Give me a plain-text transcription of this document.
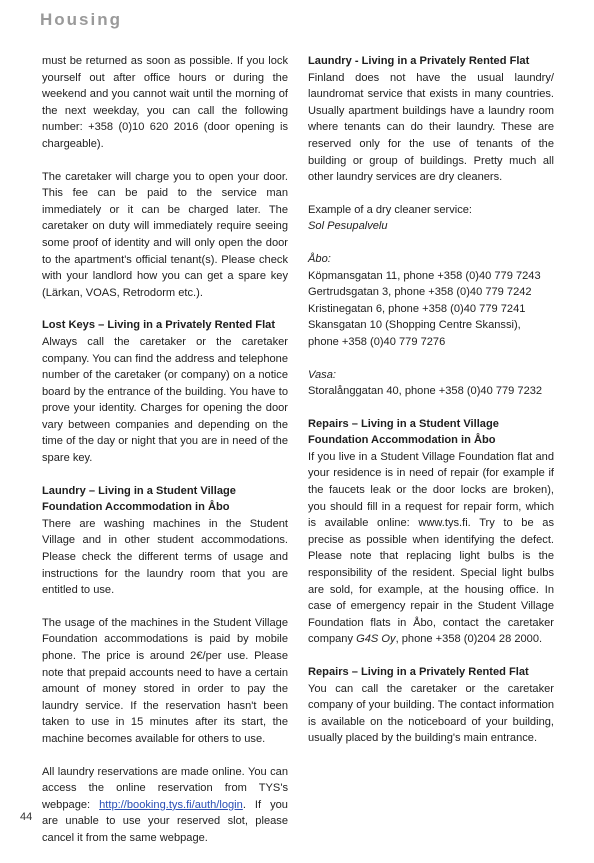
Housing

must be returned as soon as possible. If you lock yourself out after office hours or during the weekend and you cannot wait until the morning of the next weekday, you can call the following number: +358 (0)10 620 2016 (door opening is chargeable).

The caretaker will charge you to open your door. This fee can be paid to the service man immediately or it can be charged later. The caretaker on duty will immediately require seeing some proof of identity and will only open the door to the apartment's official tenant(s). Please check with your landlord how you can get a spare key (Lärkan, VOAS, Retrodorm etc.).

Lost Keys – Living in a Privately Rented Flat
Always call the caretaker or the caretaker company. You can find the address and telephone number of the caretaker (or company) on a notice board by the entrance of the building. You have to prove your identity. Charges for opening the door vary between companies and depending on the time of the day or night that you are in need of the spare key.
Laundry – Living in a Student Village Foundation Accommodation in Åbo
There are washing machines in the Student Village and in other student accommodations. Please check the different terms of usage and instructions for the laundry room that you are entitled to use.

The usage of the machines in the Student Village Foundation accommodations is paid by mobile phone. The price is around 2€/per use. Please note that prepaid accounts need to have a certain amount of money stored in order to pay the laundry service. If the reservation hasn't been taken to use in 15 minutes after its start, the machine becomes available for others to use.

All laundry reservations are made online. You can access the online reservation from TYS's webpage: http://booking.tys.fi/auth/login. If you are unable to use your reserved slot, please cancel it from the same webpage.

Laundry - Living in a Privately Rented Flat
Finland does not have the usual laundry/ laundromat service that exists in many countries. Usually apartment buildings have a laundry room where tenants can do their laundry. These are reserved only for the use of tenants of the building or group of buildings. Pretty much all other laundry services are dry cleaners.
Example of a dry cleaner service:
Sol Pesupalvelu
Åbo:
Köpmansgatan 11, phone +358 (0)40 779 7243
Gertrudsgatan 3, phone +358 (0)40 779 7242
Kristinegatan 6, phone +358 (0)40 779 7241
Skansgatan 10 (Shopping Centre Skanssi), phone +358 (0)40 779 7276
Vasa:
Storalånggatan 40, phone +358 (0)40 779 7232
Repairs – Living in a Student Village Foundation Accommodation in Åbo
If you live in a Student Village Foundation flat and your residence is in need of repair (for example if the faucets leak or the door locks are broken), you should fill in a request for repair form, which is available online: www.tys.fi. Try to be as precise as possible when identifying the defect. Please note that replacing light bulbs is the responsibility of the resident. Special light bulbs are sold, for example, at the housing office. In case of emergency repair in the Student Village Foundation flats in Åbo, contact the caretaker company G4S Oy, phone +358 (0)204 28 2000.
Repairs – Living in a Privately Rented Flat
You can call the caretaker or the caretaker company of your building. The contact information is available on the noticeboard of your building, usually placed by the building's main entrance.
44
